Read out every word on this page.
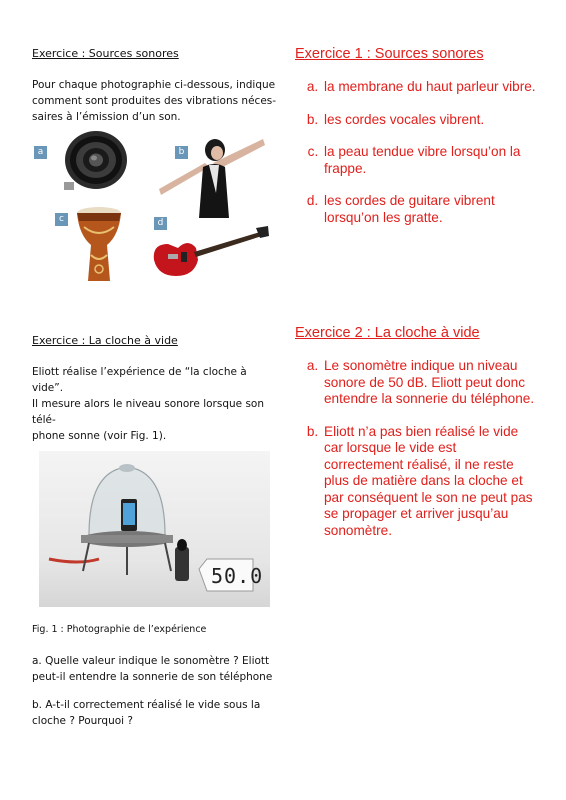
Exercice : Sources sonores
Pour chaque photographie ci-dessous, indique
comment sont produites des vibrations néces-
saires à l’émission d’un son.
a	b
c	d
Exercice : La cloche à vide
Eliott réalise l’expérience de “la cloche à
vide”.
Il mesure alors le niveau sonore lorsque son
télé-
phone sonne (voir Fig. 1).
50.0
Fig. 1 : Photographie de l’expérience
a. Quelle valeur indique le sonomètre ? Eliott
peut-il entendre la sonnerie de son téléphone
b. A-t-il correctement réalisé le vide sous la
cloche ? Pourquoi ?
Exercice 1 : Sources sonores
a. la membrane du haut parleur vibre.
b. les cordes vocales vibrent.
c. la peau tendue vibre lorsqu’on la frappe.
d. les cordes de guitare vibrent lorsqu’on les gratte.
Exercice 2 : La cloche à vide
a. Le sonomètre indique un niveau sonore de 50 dB. Eliott peut donc entendre la sonnerie du téléphone.
b. Eliott n’a pas bien réalisé le vide car lorsque le vide est correctement réalisé, il ne reste plus de matière dans la cloche et par conséquent le son ne peut pas se propager et arriver jusqu’au sonomètre.
